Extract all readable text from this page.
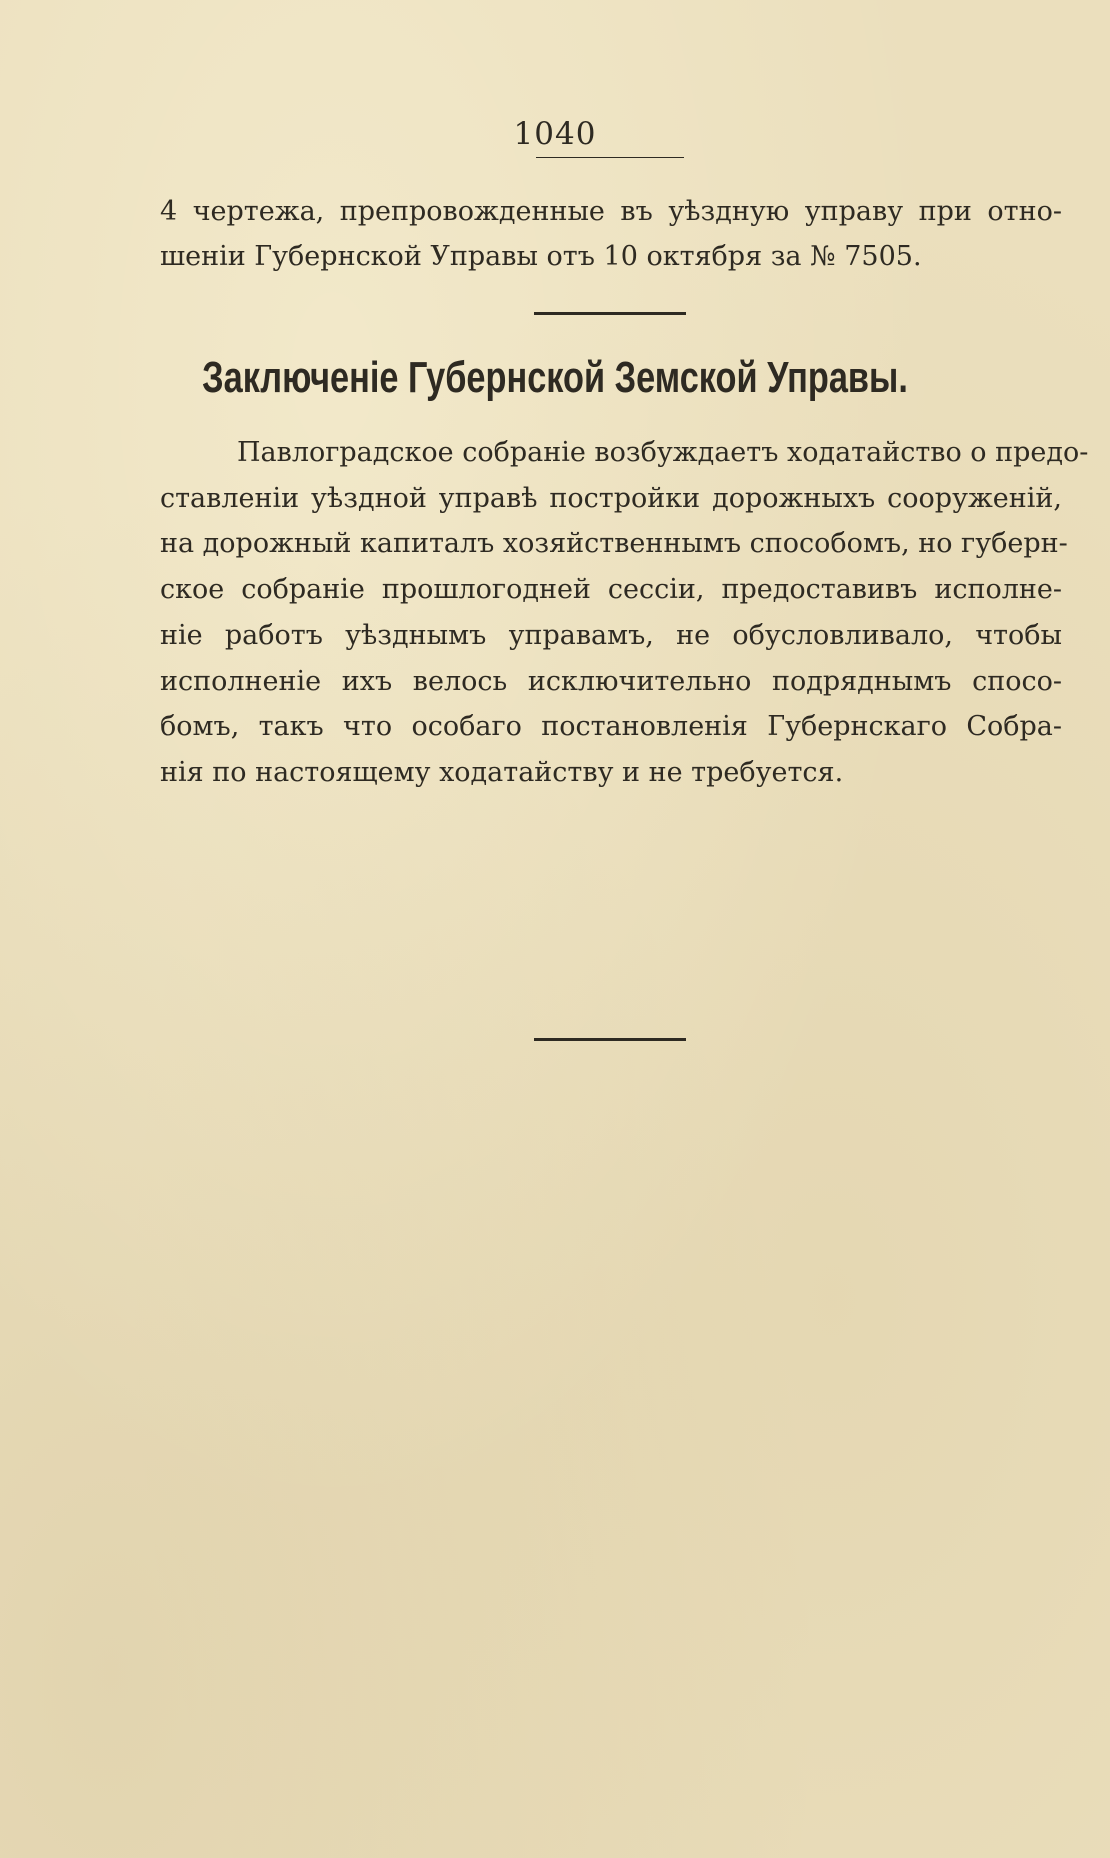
1040
4 чертежа, препровожденные въ уѣздную управу при отно-
шеніи Губернской Управы отъ 10 октября за № 7505.
Заключеніе Губернской Земской Управы.
Павлоградское собраніе возбуждаетъ ходатайство о предо-
ставленіи уѣздной управѣ постройки дорожныхъ сооруженій,
на дорожный капиталъ хозяйственнымъ способомъ, но губерн-
ское собраніе прошлогодней сессіи, предоставивъ исполне-
ніе работъ уѣзднымъ управамъ, не обусловливало, чтобы
исполненіе ихъ велось исключительно подряднымъ спосо-
бомъ, такъ что особаго постановленія Губернскаго Собра-
нія по настоящему ходатайству и не требуется.
